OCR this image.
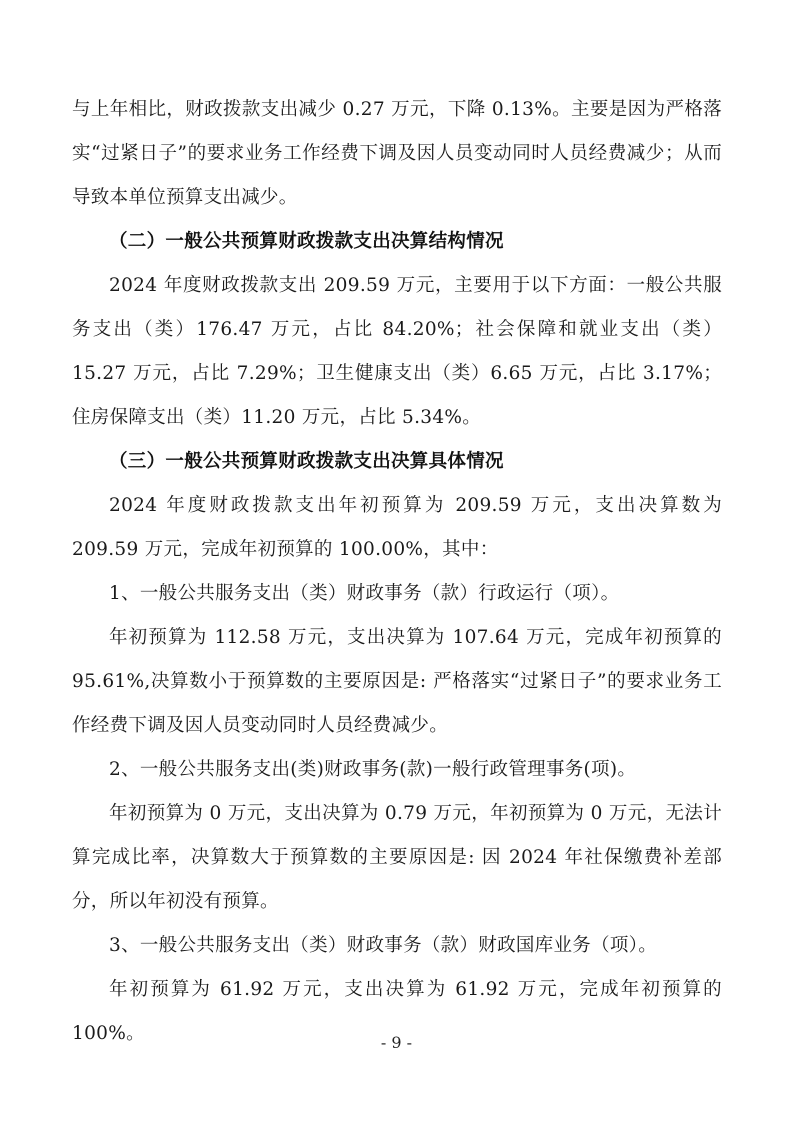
与上年相比，财政拨款支出减少 0.27 万元，下降 0.13%。主要是因为严格落实“过紧日子”的要求业务工作经费下调及因人员变动同时人员经费减少；从而导致本单位预算支出减少。

（二）一般公共预算财政拨款支出决算结构情况

2024 年度财政拨款支出 209.59 万元，主要用于以下方面：一般公共服务支出（类）176.47 万元，占比 84.20%；社会保障和就业支出（类）15.27 万元，占比 7.29%；卫生健康支出（类）6.65 万元，占比 3.17%；住房保障支出（类）11.20 万元，占比 5.34%。

（三）一般公共预算财政拨款支出决算具体情况

2024 年度财政拨款支出年初预算为 209.59 万元，支出决算数为 209.59 万元，完成年初预算的 100.00%，其中：

1、一般公共服务支出（类）财政事务（款）行政运行（项）。

年初预算为 112.58 万元，支出决算为 107.64 万元，完成年初预算的 95.61%,决算数小于预算数的主要原因是: 严格落实“过紧日子”的要求业务工作经费下调及因人员变动同时人员经费减少。

2、一般公共服务支出(类)财政事务(款)一般行政管理事务(项)。

年初预算为 0 万元，支出决算为 0.79 万元，年初预算为 0 万元，无法计算完成比率，决算数大于预算数的主要原因是: 因 2024 年社保缴费补差部分，所以年初没有预算。

3、一般公共服务支出（类）财政事务（款）财政国库业务（项）。

年初预算为 61.92 万元，支出决算为 61.92 万元，完成年初预算的 100%。	- 9 -
